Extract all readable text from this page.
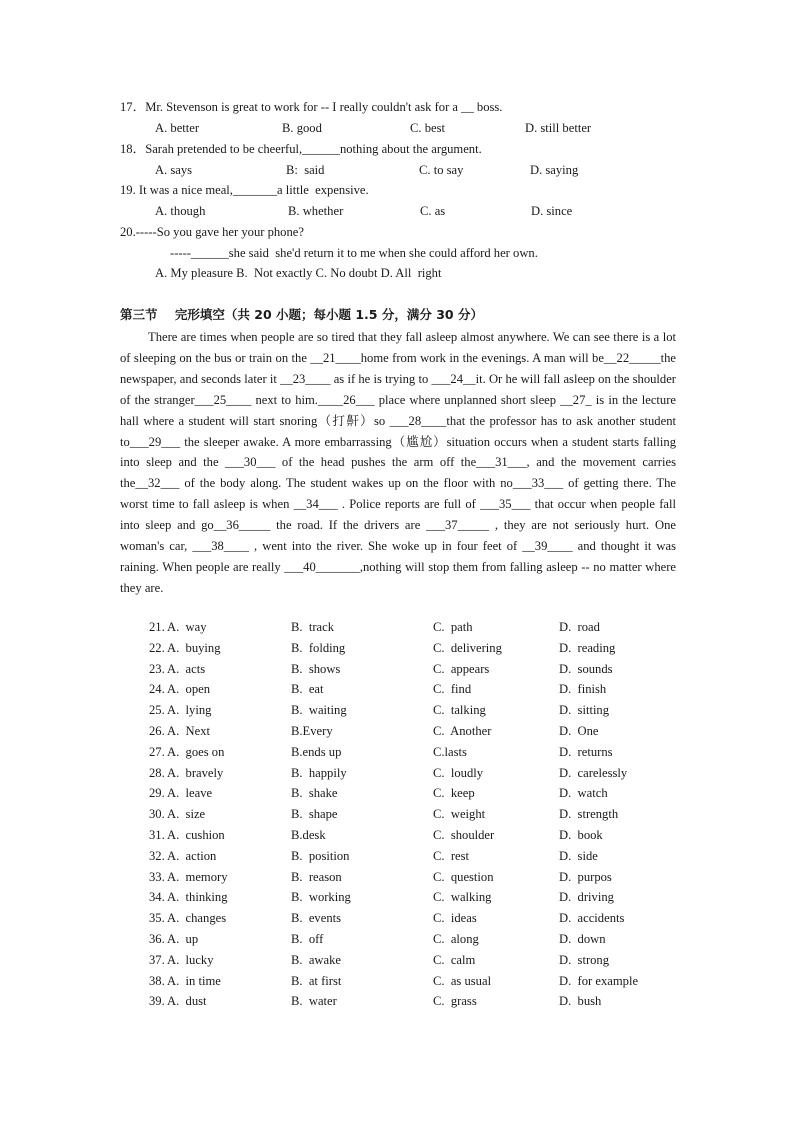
17．Mr. Stevenson is great to work for -- I really couldn't ask for a __ boss.

A. better

	B. good

	C. best

	D. still better

18．Sarah pretended to be cheerful,______nothing about the argument.

A. says

	B:  said

	C. to say

	D. saying

19. It was a nice meal,_______a little  expensive.

A. though

	B. whether

	C. as

	D. since

20.-----So you gave her your phone?
-----______she said  she'd return it to me when she could afford her own.
A. My pleasure B.  Not exactly C. No doubt D. All  right
第三节    完形填空（共 20 小题；每小题 1.5 分，满分 30 分）

There are times when people are so tired that they fall asleep almost anywhere. We can see there is a lot of sleeping on the bus or train on the __21____home from work in the evenings. A man will be__22_____the newspaper, and seconds later it __23____ as if he is trying to ___24__it. Or he will fall asleep on the shoulder of the stranger___25____ next to him.____26___ place where unplanned short sleep __27_ is in the lecture hall where a student will start snoring（打鼾）so ___28____that the professor has to ask another student to___29___ the sleeper awake. A more embarrassing（尴尬）situation occurs when a student starts falling into sleep and the ___30___ of the head pushes the arm off the___31___, and the movement carries the__32___ of the body along. The student wakes up on the floor with no___33___ of getting there. The worst time to fall asleep is when __34___ . Police reports are full of ___35___ that occur when people fall into sleep and go__36_____ the road. If the drivers are ___37_____ , they are not seriously hurt. One woman's car, ___38____ , went into the river. She woke up in four feet of __39____ and thought it was raining. When people are really ___40_______,nothing will stop them from falling asleep -- no matter where they are.

21. A.  way	B.  track	C.  path	D.  road
22. A.  buying	B.  folding	C.  delivering	D.  reading
23. A.  acts	B.  shows	C.  appears	D.  sounds
24. A.  open	B.  eat	C.  find	D.  finish
25. A.  lying	B.  waiting	C.  talking	D.  sitting
26. A.  Next	B.Every	C.  Another	D.  One
27. A.  goes on	B.ends up	C.lasts	D.  returns
28. A.  bravely	B.  happily	C.  loudly	D.  carelessly
29. A.  leave	B.  shake	C.  keep	D.  watch
30. A.  size	B.  shape	C.  weight	D.  strength
31. A.  cushion	B.desk	C.  shoulder	D.  book
32. A.  action	B.  position	C.  rest	D.  side
33. A.  memory	B.  reason	C.  question	D.  purpos
34. A.  thinking	B.  working	C.  walking	D.  driving
35. A.  changes	B.  events	C.  ideas	D.  accidents
36. A.  up	B.  off	C.  along	D.  down
37. A.  lucky	B.  awake	C.  calm	D.  strong
38. A.  in time	B.  at first	C.  as usual	D.  for example
39. A.  dust	B.  water	C.  grass	D.  bush
